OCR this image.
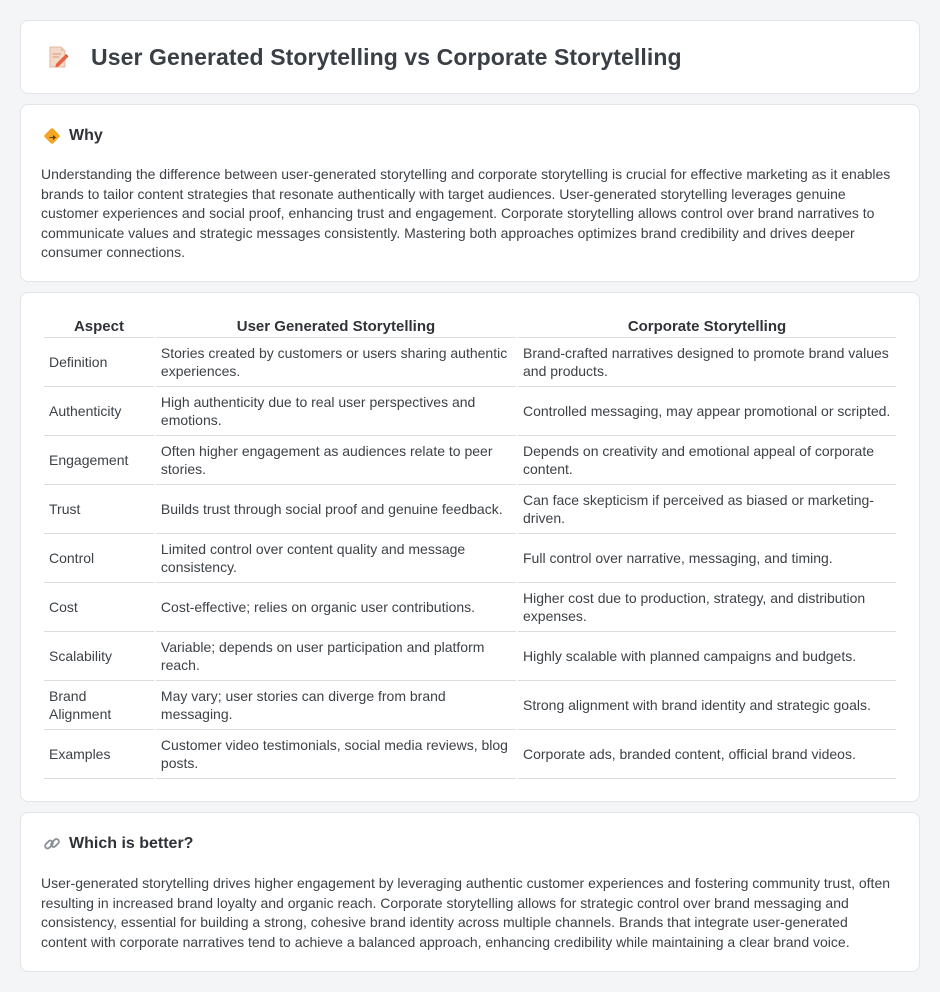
User Generated Storytelling vs Corporate Storytelling
Why

Understanding the difference between user-generated storytelling and corporate storytelling is crucial for effective marketing as it enables brands to tailor content strategies that resonate authentically with target audiences. User-generated storytelling leverages genuine customer experiences and social proof, enhancing trust and engagement. Corporate storytelling allows control over brand narratives to communicate values and strategic messages consistently. Mastering both approaches optimizes brand credibility and drives deeper consumer connections.

Aspect	User Generated Storytelling	Corporate Storytelling
Definition	Stories created by customers or users sharing authentic experiences.	Brand-crafted narratives designed to promote brand values and products.
Authenticity	High authenticity due to real user perspectives and emotions.	Controlled messaging, may appear promotional or scripted.
Engagement	Often higher engagement as audiences relate to peer stories.	Depends on creativity and emotional appeal of corporate content.
Trust	Builds trust through social proof and genuine feedback.	Can face skepticism if perceived as biased or marketing-driven.
Control	Limited control over content quality and message consistency.	Full control over narrative, messaging, and timing.
Cost	Cost-effective; relies on organic user contributions.	Higher cost due to production, strategy, and distribution expenses.
Scalability	Variable; depends on user participation and platform reach.	Highly scalable with planned campaigns and budgets.
Brand Alignment	May vary; user stories can diverge from brand messaging.	Strong alignment with brand identity and strategic goals.
Examples	Customer video testimonials, social media reviews, blog posts.	Corporate ads, branded content, official brand videos.
Which is better?

User-generated storytelling drives higher engagement by leveraging authentic customer experiences and fostering community trust, often resulting in increased brand loyalty and organic reach. Corporate storytelling allows for strategic control over brand messaging and consistency, essential for building a strong, cohesive brand identity across multiple channels. Brands that integrate user-generated content with corporate narratives tend to achieve a balanced approach, enhancing credibility while maintaining a clear brand voice.
